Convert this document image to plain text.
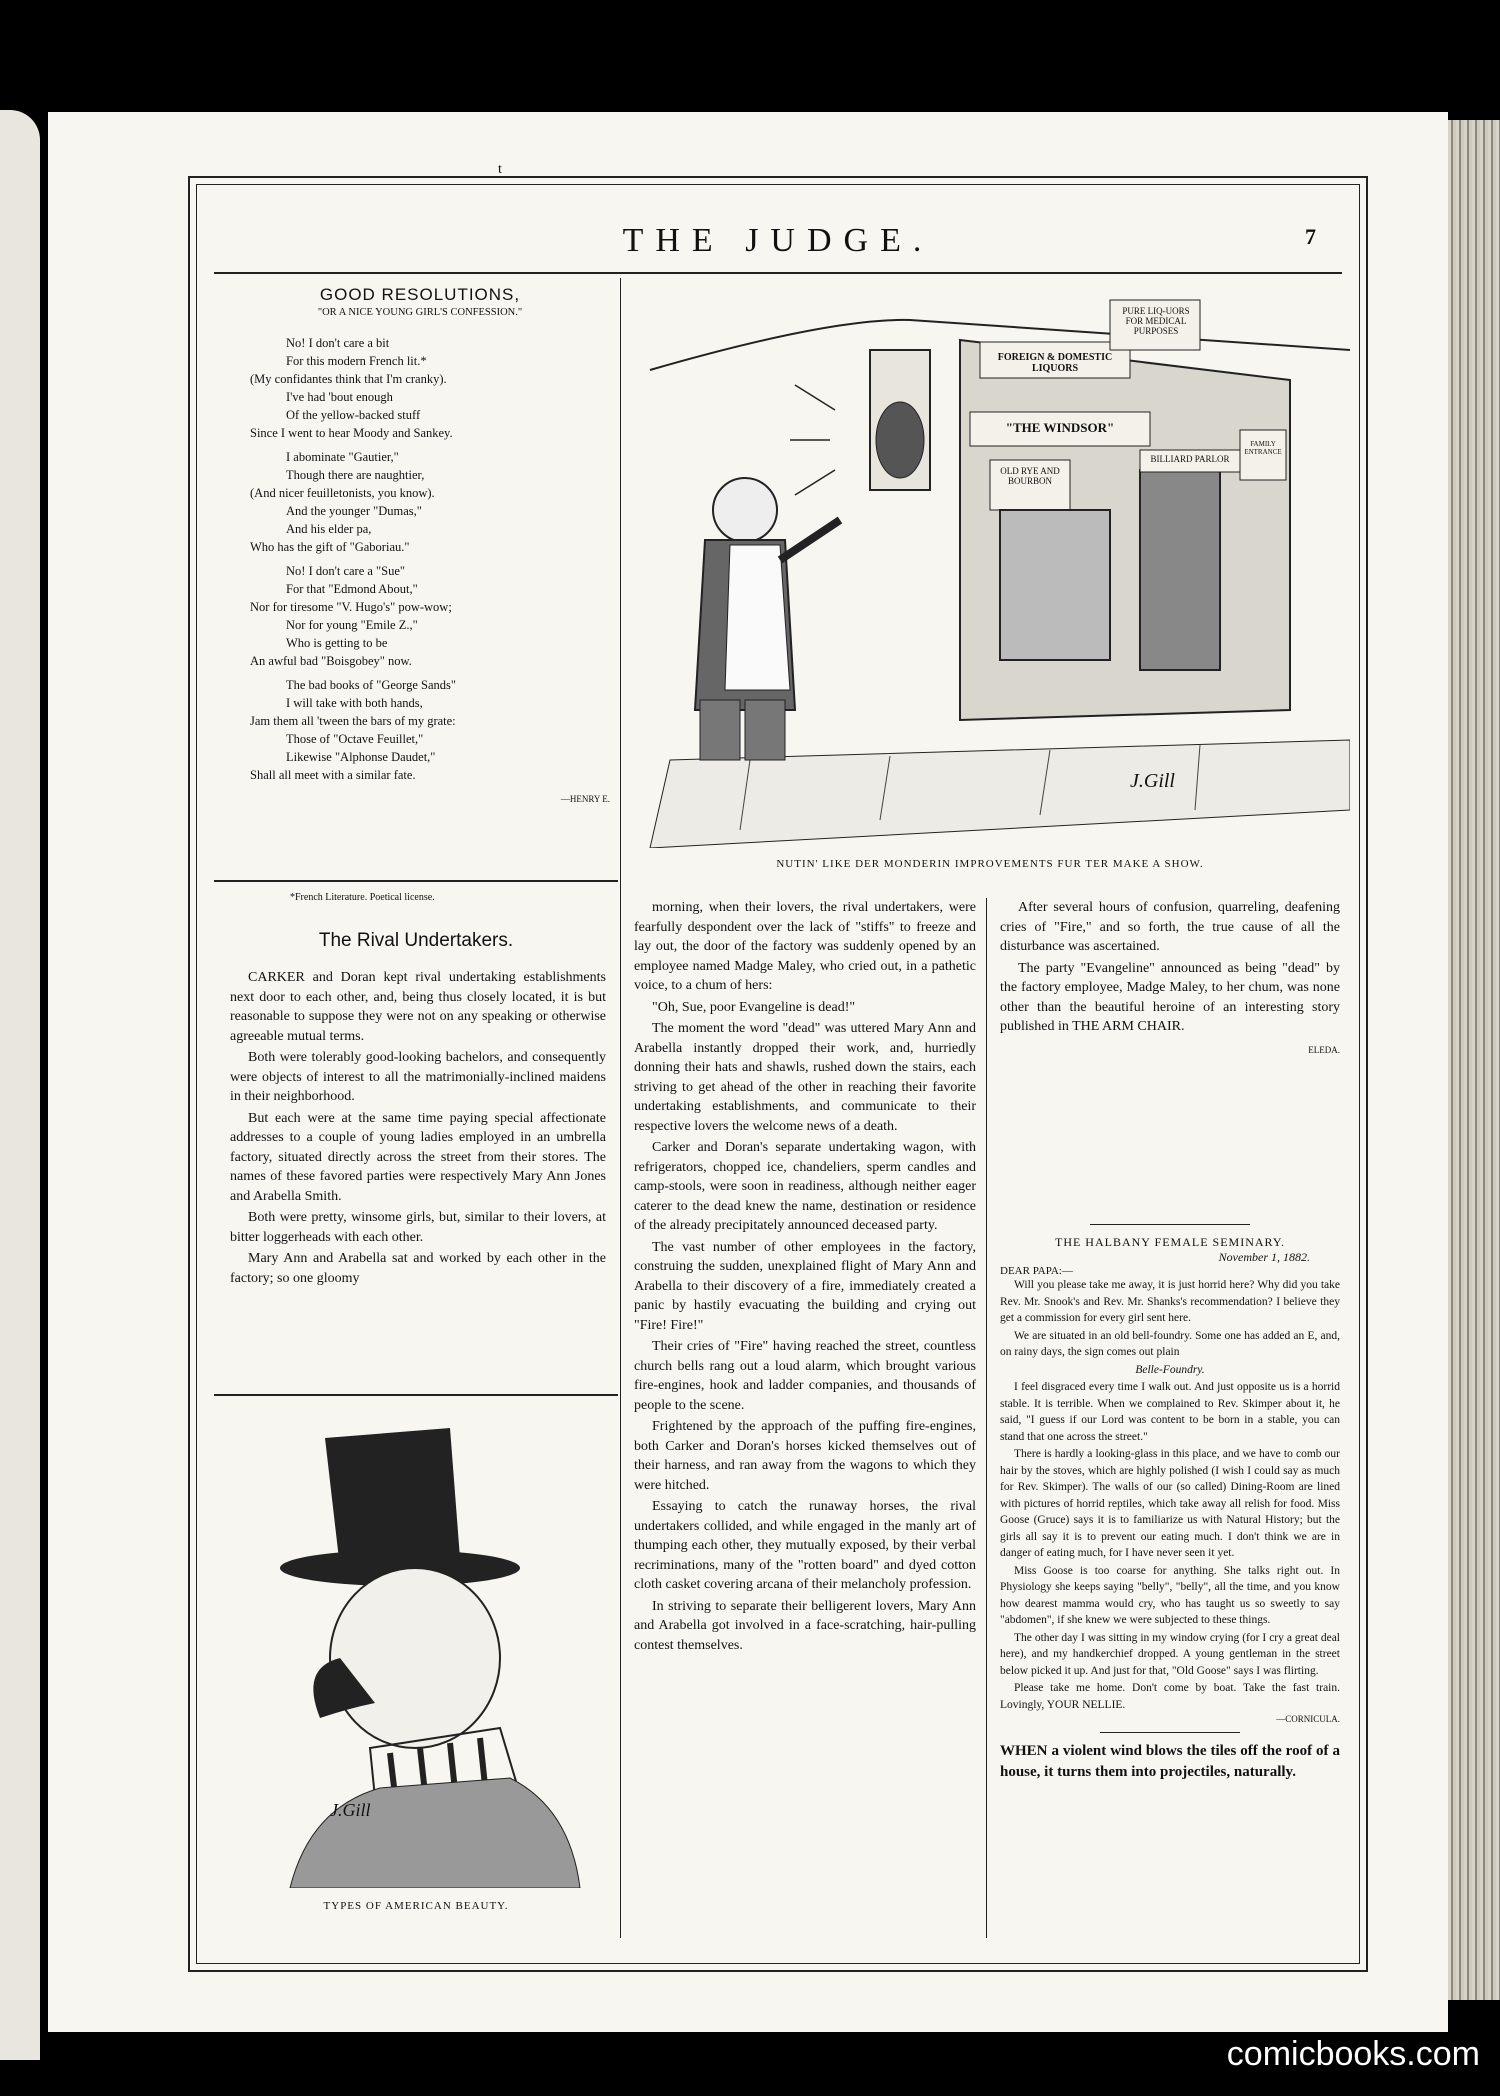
t
THE JUDGE.	7
GOOD RESOLUTIONS,
"OR A NICE YOUNG GIRL'S CONFESSION."

No! I don't care a bit

For this modern French lit.*

(My confidantes think that I'm cranky).

I've had 'bout enough

Of the yellow-backed stuff

Since I went to hear Moody and Sankey.

I abominate "Gautier,"

Though there are naughtier,

(And nicer feuilletonists, you know).

And the younger "Dumas,"

And his elder pa,

Who has the gift of "Gaboriau."

No! I don't care a "Sue"

For that "Edmond About,"

Nor for tiresome "V. Hugo's" pow-wow;

Nor for young "Emile Z.,"

Who is getting to be

An awful bad "Boisgobey" now.

The bad books of "George Sands"

I will take with both hands,

Jam them all 'tween the bars of my grate:

Those of "Octave Feuillet,"

Likewise "Alphonse Daudet,"

Shall all meet with a similar fate.

—HENRY E.
*French Literature. Poetical license.
PURE LIQ-UORS FOR MEDICAL PURPOSES
FOREIGN & DOMESTIC LIQUORS
"THE WINDSOR"
OLD RYE AND BOURBON
BILLIARD PARLOR
FAMILY ENTRANCE
J.Gill
NUTIN' LIKE DER MONDERIN IMPROVEMENTS FUR TER MAKE A SHOW.
The Rival Undertakers.

CARKER and Doran kept rival undertaking establishments next door to each other, and, being thus closely located, it is but reasonable to suppose they were not on any speaking or otherwise agreeable mutual terms.

Both were tolerably good-looking bachelors, and consequently were objects of interest to all the matrimonially-inclined maidens in their neighborhood.

But each were at the same time paying special affectionate addresses to a couple of young ladies employed in an umbrella factory, situated directly across the street from their stores. The names of these favored parties were respectively Mary Ann Jones and Arabella Smith.

Both were pretty, winsome girls, but, similar to their lovers, at bitter loggerheads with each other.

Mary Ann and Arabella sat and worked by each other in the factory; so one gloomy

morning, when their lovers, the rival undertakers, were fearfully despondent over the lack of "stiffs" to freeze and lay out, the door of the factory was suddenly opened by an employee named Madge Maley, who cried out, in a pathetic voice, to a chum of hers:

"Oh, Sue, poor Evangeline is dead!"

The moment the word "dead" was uttered Mary Ann and Arabella instantly dropped their work, and, hurriedly donning their hats and shawls, rushed down the stairs, each striving to get ahead of the other in reaching their favorite undertaking establishments, and communicate to their respective lovers the welcome news of a death.

Carker and Doran's separate undertaking wagon, with refrigerators, chopped ice, chandeliers, sperm candles and camp-stools, were soon in readiness, although neither eager caterer to the dead knew the name, destination or residence of the already precipitately announced deceased party.

The vast number of other employees in the factory, construing the sudden, unexplained flight of Mary Ann and Arabella to their discovery of a fire, immediately created a panic by hastily evacuating the building and crying out "Fire! Fire!"

Their cries of "Fire" having reached the street, countless church bells rang out a loud alarm, which brought various fire-engines, hook and ladder companies, and thousands of people to the scene.

Frightened by the approach of the puffing fire-engines, both Carker and Doran's horses kicked themselves out of their harness, and ran away from the wagons to which they were hitched.

Essaying to catch the runaway horses, the rival undertakers collided, and while engaged in the manly art of thumping each other, they mutually exposed, by their verbal recriminations, many of the "rotten board" and dyed cotton cloth casket covering arcana of their melancholy profession.

In striving to separate their belligerent lovers, Mary Ann and Arabella got involved in a face-scratching, hair-pulling contest themselves.

After several hours of confusion, quarreling, deafening cries of "Fire," and so forth, the true cause of all the disturbance was ascertained.

The party "Evangeline" announced as being "dead" by the factory employee, Madge Maley, to her chum, was none other than the beautiful heroine of an interesting story published in THE ARM CHAIR.

ELEDA.
J.Gill
TYPES OF AMERICAN BEAUTY.
THE HALBANY FEMALE SEMINARY.
November 1, 1882.
DEAR PAPA:—

Will you please take me away, it is just horrid here? Why did you take Rev. Mr. Snook's and Rev. Mr. Shanks's recommendation? I believe they get a commission for every girl sent here.

We are situated in an old bell-foundry. Some one has added an E, and, on rainy days, the sign comes out plain

Belle-Foundry.

I feel disgraced every time I walk out. And just opposite us is a horrid stable. It is terrible. When we complained to Rev. Skimper about it, he said, "I guess if our Lord was content to be born in a stable, you can stand that one across the street."

There is hardly a looking-glass in this place, and we have to comb our hair by the stoves, which are highly polished (I wish I could say as much for Rev. Skimper). The walls of our (so called) Dining-Room are lined with pictures of horrid reptiles, which take away all relish for food. Miss Goose (Gruce) says it is to familiarize us with Natural History; but the girls all say it is to prevent our eating much. I don't think we are in danger of eating much, for I have never seen it yet.

Miss Goose is too coarse for anything. She talks right out. In Physiology she keeps saying "belly", "belly", all the time, and you know how dearest mamma would cry, who has taught us so sweetly to say "abdomen", if she knew we were subjected to these things.

The other day I was sitting in my window crying (for I cry a great deal here), and my handkerchief dropped. A young gentleman in the street below picked it up. And just for that, "Old Goose" says I was flirting.

Please take me home. Don't come by boat. Take the fast train. Lovingly, YOUR NELLIE.

—CORNICULA.
WHEN a violent wind blows the tiles off the roof of a house, it turns them into projectiles, naturally.
comicbooks.com
